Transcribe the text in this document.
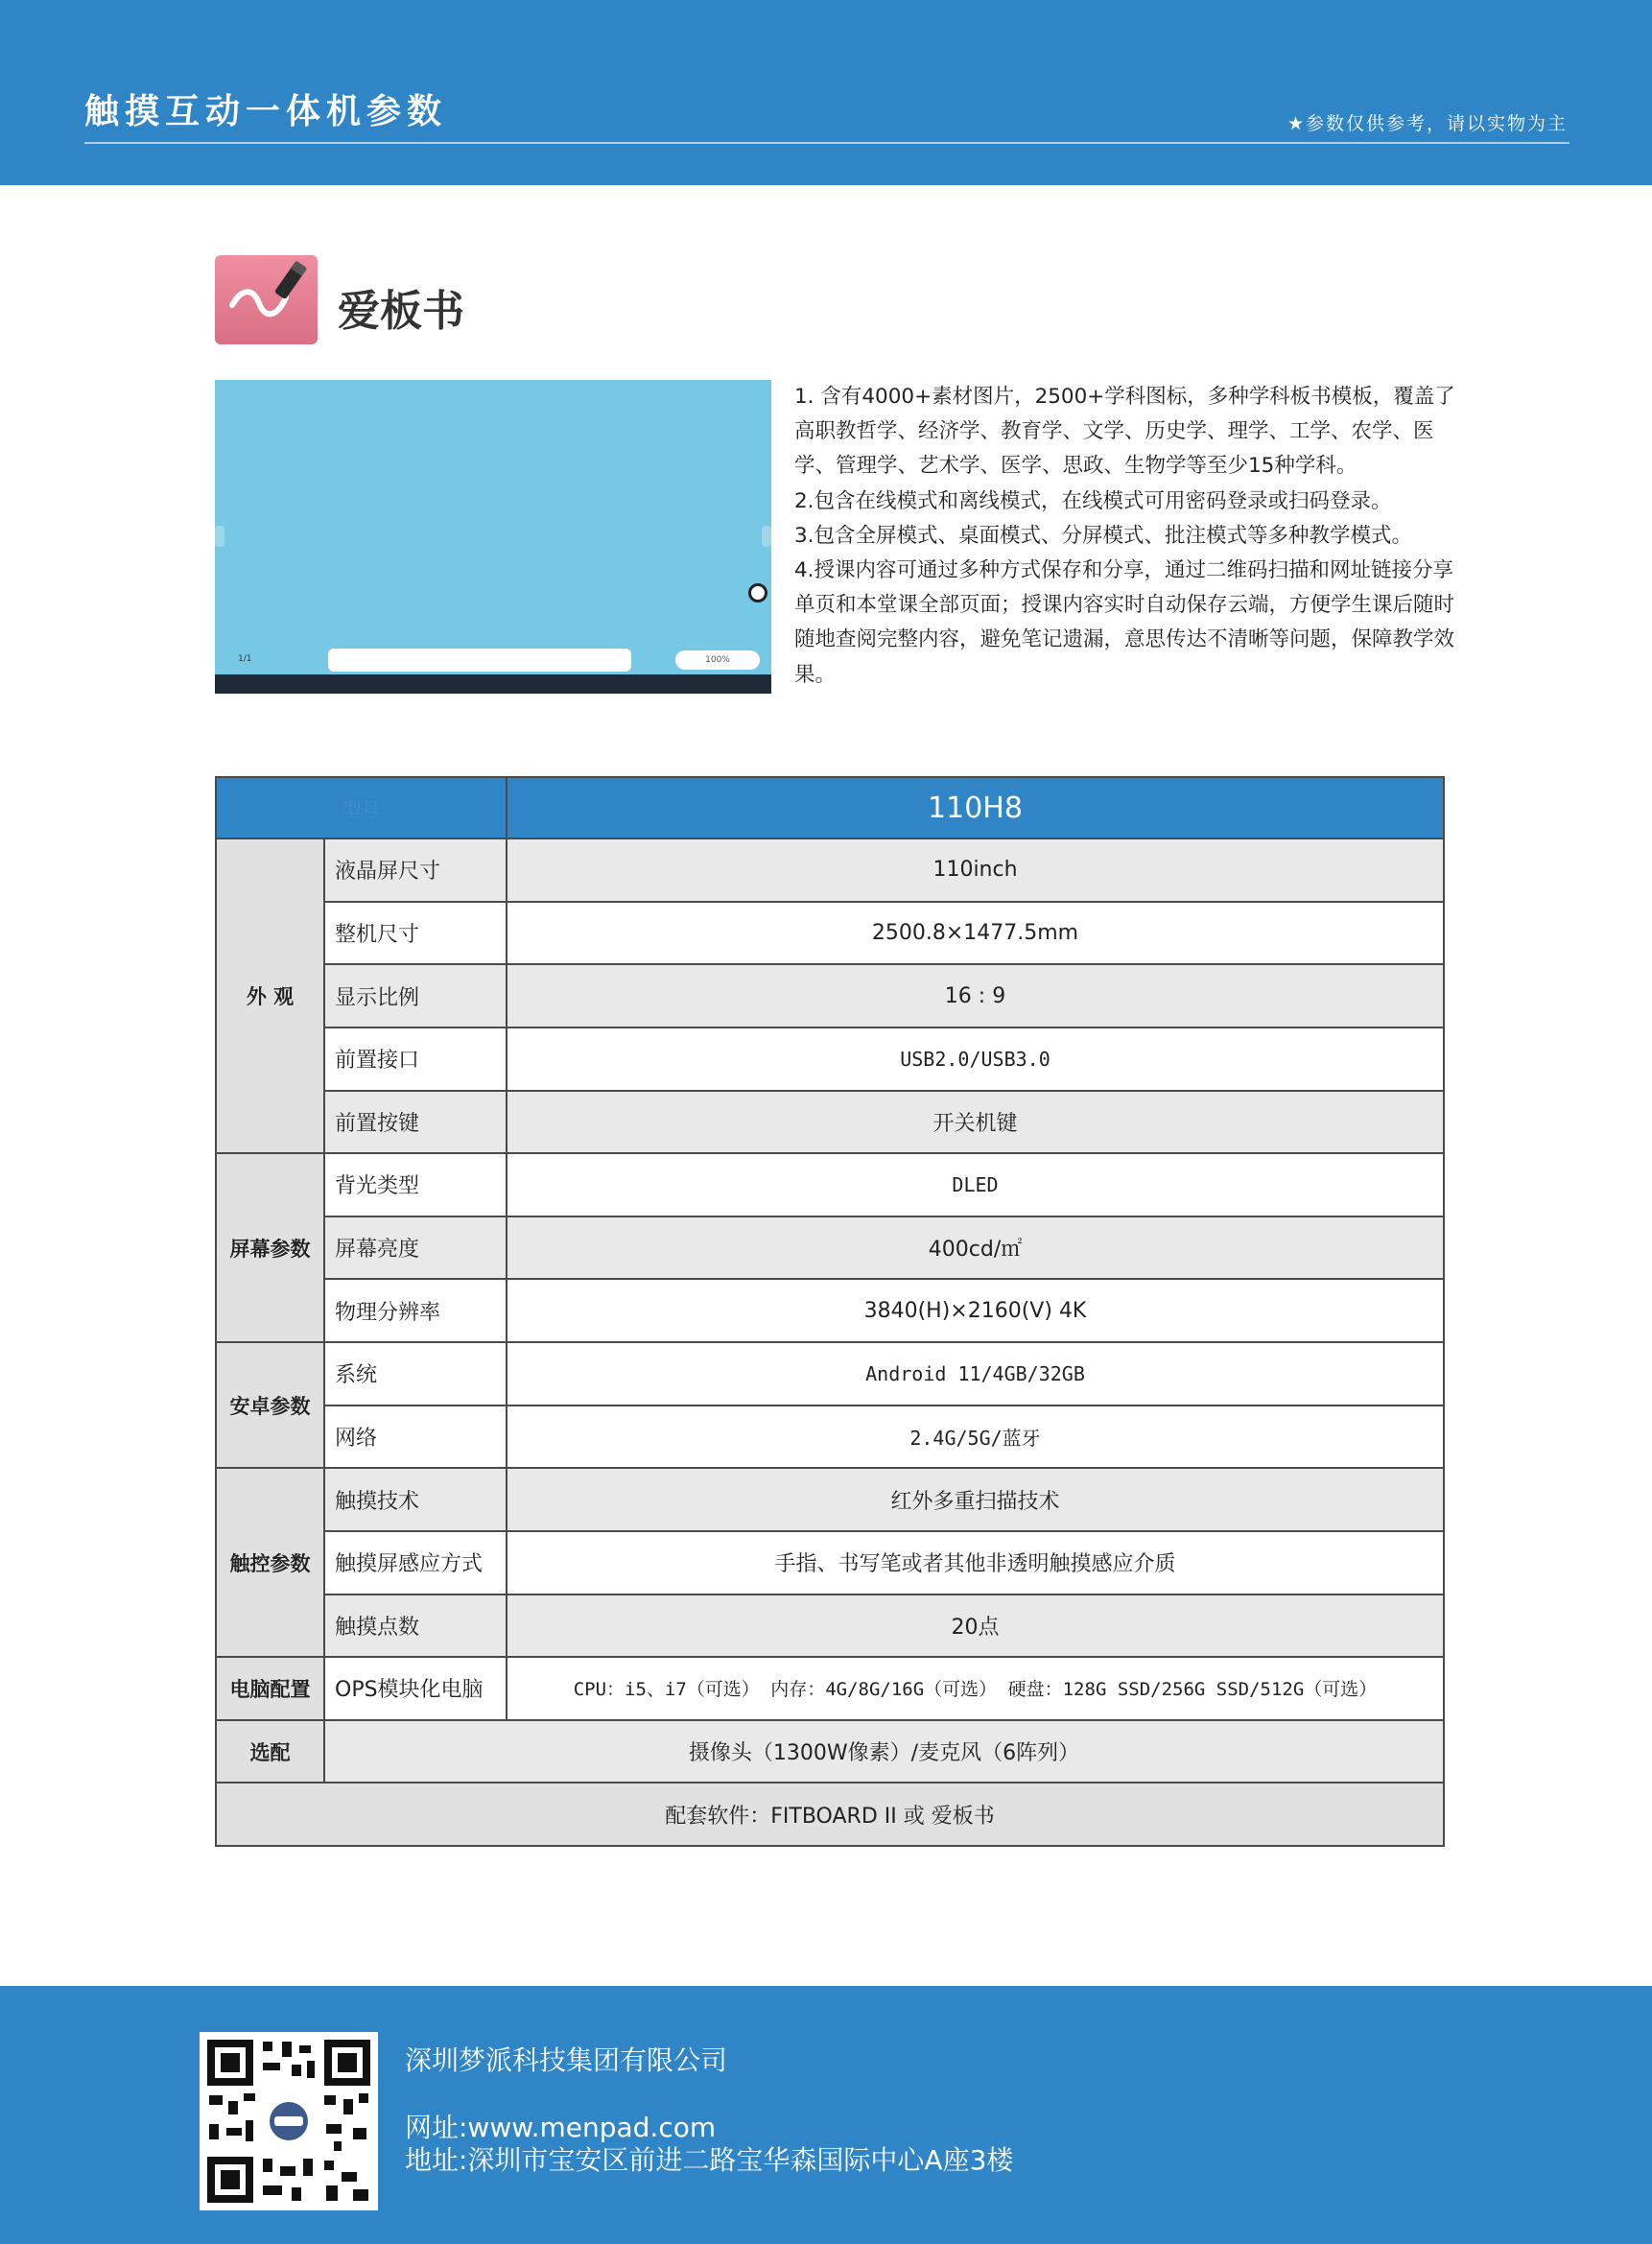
触摸互动一体机参数	★参数仅供参考，请以实物为主
爱板书
1/1	100%

1. 含有4000+素材图片，2500+学科图标，多种学科板书模板，覆盖了高职教哲学、经济学、教育学、文学、历史学、理学、工学、农学、医学、管理学、艺术学、医学、思政、生物学等至少15种学科。

2.包含在线模式和离线模式，在线模式可用密码登录或扫码登录。

3.包含全屏模式、桌面模式、分屏模式、批注模式等多种教学模式。

4.授课内容可通过多种方式保存和分享，通过二维码扫描和网址链接分享单页和本堂课全部页面；授课内容实时自动保存云端，方便学生课后随时随地查阅完整内容，避免笔记遗漏，意思传达不清晰等问题，保障教学效果。

型号		110H8
外 观	液晶屏尺寸	110inch
	整机尺寸	2500.8×1477.5mm
	显示比例	16 : 9
	前置接口	USB2.0/USB3.0
	前置按键	开关机键
屏幕参数	背光类型	DLED
	屏幕亮度	400cd/㎡
	物理分辨率	3840(H)×2160(V) 4K
安卓参数	系统	Android 11/4GB/32GB
	网络	2.4G/5G/蓝牙
触控参数	触摸技术	红外多重扫描技术
	触摸屏感应方式	手指、书写笔或者其他非透明触摸感应介质
	触摸点数	20点
电脑配置	OPS模块化电脑	CPU：i5、i7（可选） 内存：4G/8G/16G（可选） 硬盘：128G SSD/256G SSD/512G（可选）
选配	摄像头（1300W像素）/麦克风（6阵列）	
配套软件：FITBOARD II 或 爱板书		
深圳梦派科技集团有限公司
网址:www.menpad.com
地址:深圳市宝安区前进二路宝华森国际中心A座3楼
